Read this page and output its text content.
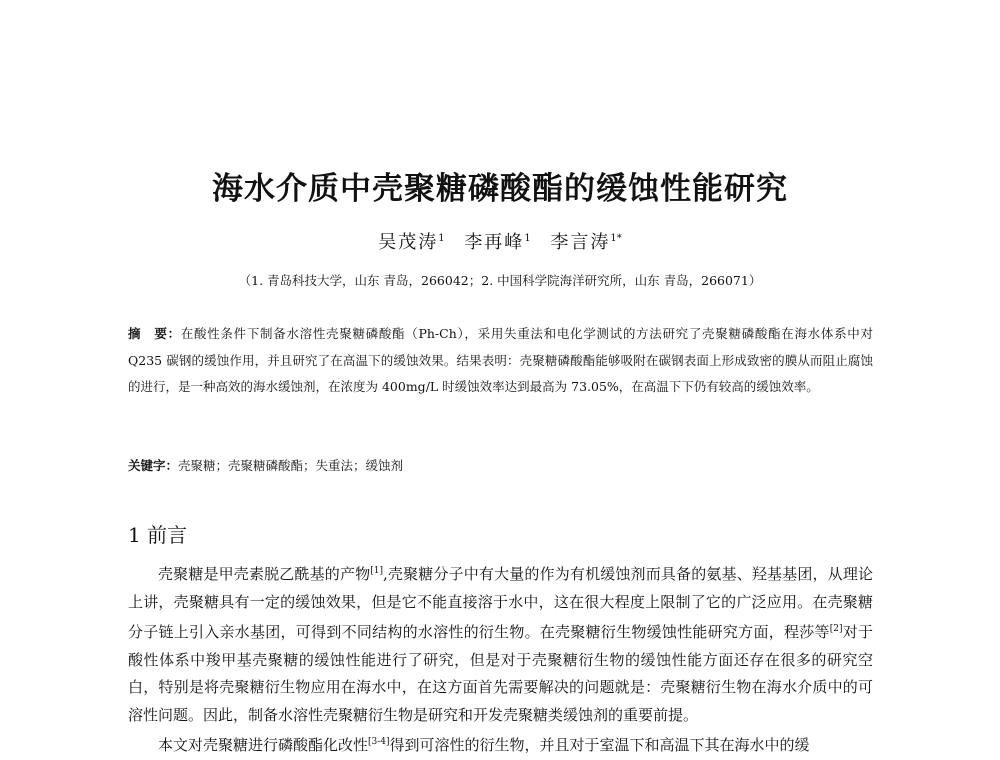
海水介质中壳聚糖磷酸酯的缓蚀性能研究
吴茂涛$^1$ 李再峰$^1$ 李言涛$^{1*}$
（1. 青岛科技大学，山东 青岛，266042；2. 中国科学院海洋研究所，山东 青岛，266071）
摘　要：在酸性条件下制备水溶性壳聚糖磷酸酯（Ph-Ch），采用失重法和电化学测试的方法研究了壳聚糖磷酸酯在海水体系中对 Q235 碳钢的缓蚀作用，并且研究了在高温下的缓蚀效果。结果表明：壳聚糖磷酸酯能够吸附在碳钢表面上形成致密的膜从而阻止腐蚀的进行，是一种高效的海水缓蚀剂，在浓度为 400mg/L 时缓蚀效率达到最高为 73.05%，在高温下下仍有较高的缓蚀效率。
关键字：壳聚糖；壳聚糖磷酸酯；失重法；缓蚀剂
1 前言

壳聚糖是甲壳素脱乙酰基的产物[1],壳聚糖分子中有大量的作为有机缓蚀剂而具备的氨基、羟基基团，从理论上讲，壳聚糖具有一定的缓蚀效果，但是它不能直接溶于水中，这在很大程度上限制了它的广泛应用。在壳聚糖分子链上引入亲水基团，可得到不同结构的水溶性的衍生物。在壳聚糖衍生物缓蚀性能研究方面，程莎等[2]对于酸性体系中羧甲基壳聚糖的缓蚀性能进行了研究，但是对于壳聚糖衍生物的缓蚀性能方面还存在很多的研究空白，特别是将壳聚糖衍生物应用在海水中，在这方面首先需要解决的问题就是：壳聚糖衍生物在海水介质中的可溶性问题。因此，制备水溶性壳聚糖衍生物是研究和开发壳聚糖类缓蚀剂的重要前提。

本文对壳聚糖进行磷酸酯化改性[3-4]得到可溶性的衍生物，并且对于室温下和高温下其在海水中的缓
